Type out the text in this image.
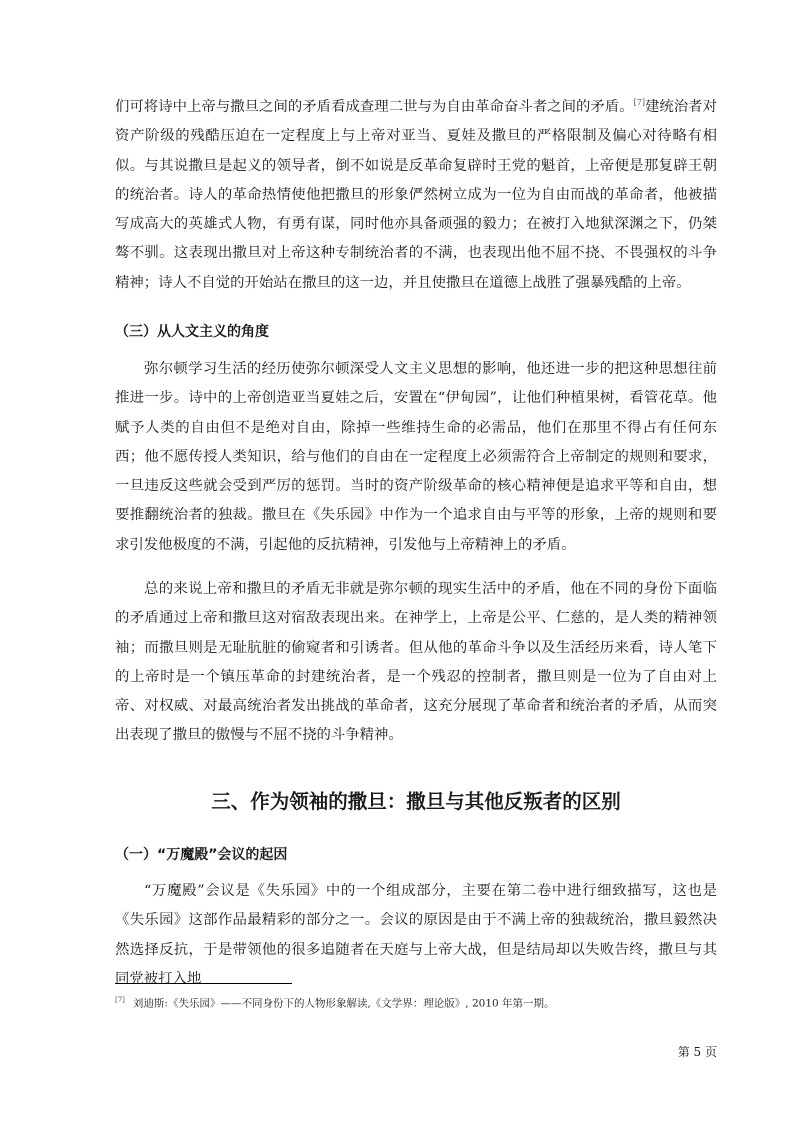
们可将诗中上帝与撒旦之间的矛盾看成查理二世与为自由革命奋斗者之间的矛盾。[7]建统治者对资产阶级的残酷压迫在一定程度上与上帝对亚当、夏娃及撒旦的严格限制及偏心对待略有相似。与其说撒旦是起义的领导者，倒不如说是反革命复辟时王党的魁首，上帝便是那复辟王朝的统治者。诗人的革命热情使他把撒旦的形象俨然树立成为一位为自由而战的革命者，他被描写成高大的英雄式人物，有勇有谋，同时他亦具备顽强的毅力；在被打入地狱深渊之下，仍桀骜不驯。这表现出撒旦对上帝这种专制统治者的不满，也表现出他不屈不挠、不畏强权的斗争精神；诗人不自觉的开始站在撒旦的这一边，并且使撒旦在道德上战胜了强暴残酷的上帝。

（三）从人文主义的角度

弥尔顿学习生活的经历使弥尔顿深受人文主义思想的影响，他还进一步的把这种思想往前推进一步。诗中的上帝创造亚当夏娃之后，安置在“伊甸园”，让他们种植果树，看管花草。他赋予人类的自由但不是绝对自由，除掉一些维持生命的必需品，他们在那里不得占有任何东西；他不愿传授人类知识，给与他们的自由在一定程度上必须需符合上帝制定的规则和要求，一旦违反这些就会受到严厉的惩罚。当时的资产阶级革命的核心精神便是追求平等和自由，想要推翻统治者的独裁。撒旦在《失乐园》中作为一个追求自由与平等的形象，上帝的规则和要求引发他极度的不满，引起他的反抗精神，引发他与上帝精神上的矛盾。

总的来说上帝和撒旦的矛盾无非就是弥尔顿的现实生活中的矛盾，他在不同的身份下面临的矛盾通过上帝和撒旦这对宿敌表现出来。在神学上，上帝是公平、仁慈的，是人类的精神领袖；而撒旦则是无耻肮脏的偷窥者和引诱者。但从他的革命斗争以及生活经历来看，诗人笔下的上帝时是一个镇压革命的封建统治者，是一个残忍的控制者，撒旦则是一位为了自由对上帝、对权威、对最高统治者发出挑战的革命者，这充分展现了革命者和统治者的矛盾，从而突出表现了撒旦的傲慢与不屈不挠的斗争精神。

三、作为领袖的撒旦：撒旦与其他反叛者的区别
（一）“万魔殿”会议的起因

“万魔殿”会议是《失乐园》中的一个组成部分，主要在第二卷中进行细致描写，这也是《失乐园》这部作品最精彩的部分之一。会议的原因是由于不满上帝的独裁统治，撒旦毅然决然选择反抗，于是带领他的很多追随者在天庭与上帝大战，但是结局却以失败告终，撒旦与其同党被打入地

[7] 刘迪斯:《失乐园》——不同身份下的人物形象解读,《文学界：理论版》, 2010 年第一期。

第 5 页
